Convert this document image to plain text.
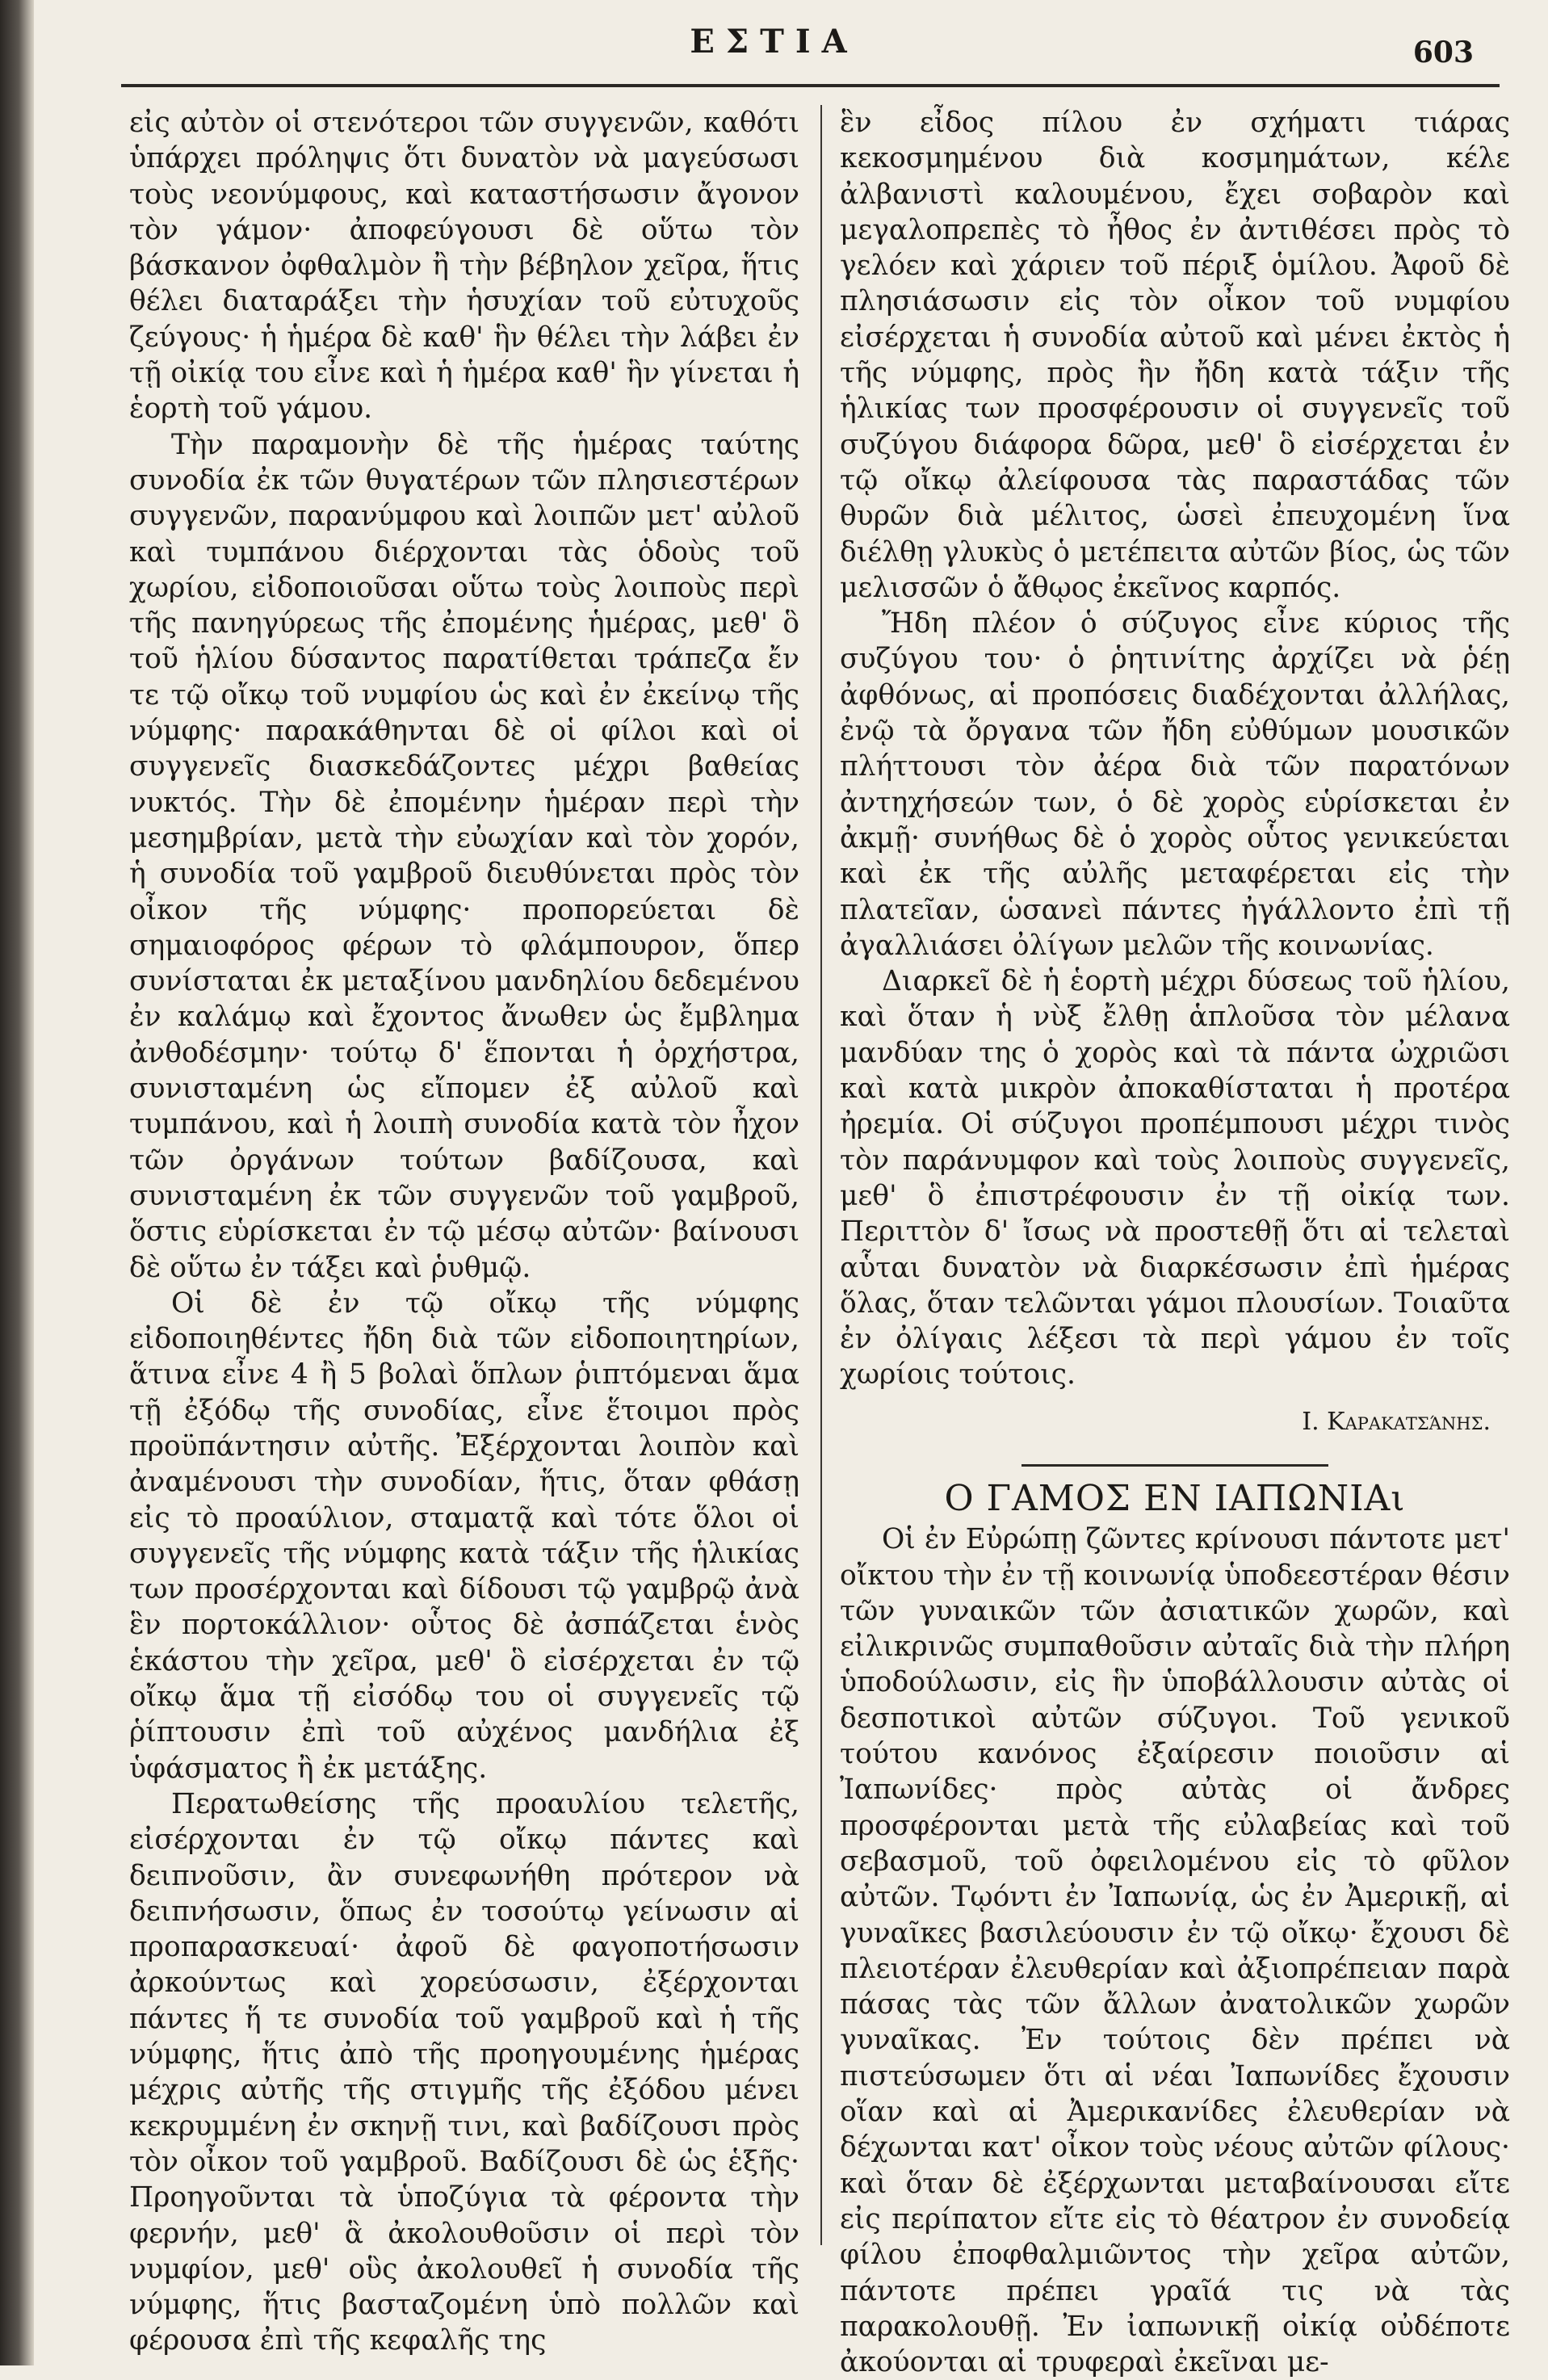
ΕΣΤΙΑ	603

εἰς αὐτὸν οἱ στενότεροι τῶν συγγενῶν, καθότι ὑπάρχει πρόληψις ὅτι δυνατὸν νὰ μαγεύσωσι τοὺς νεονύμφους, καὶ καταστήσωσιν ἄγονον τὸν γάμον· ἀποφεύγουσι δὲ οὕτω τὸν βάσκανον ὀφθαλμὸν ἢ τὴν βέβηλον χεῖρα, ἥτις θέλει διαταράξει τὴν ἡσυχίαν τοῦ εὐτυχοῦς ζεύγους· ἡ ἡμέρα δὲ καθ' ἣν θέλει τὴν λάβει ἐν τῇ οἰκίᾳ του εἶνε καὶ ἡ ἡμέρα καθ' ἣν γίνεται ἡ ἑορτὴ τοῦ γάμου.

Τὴν παραμονὴν δὲ τῆς ἡμέρας ταύτης συνοδία ἐκ τῶν θυγατέρων τῶν πλησιεστέρων συγγενῶν, παρανύμφου καὶ λοιπῶν μετ' αὐλοῦ καὶ τυμπάνου διέρχονται τὰς ὁδοὺς τοῦ χωρίου, εἰδοποιοῦσαι οὕτω τοὺς λοιποὺς περὶ τῆς πανηγύρεως τῆς ἐπομένης ἡμέρας, μεθ' ὃ τοῦ ἡλίου δύσαντος παρατίθεται τράπεζα ἔν τε τῷ οἴκῳ τοῦ νυμφίου ὡς καὶ ἐν ἐκείνῳ τῆς νύμφης· παρακάθηνται δὲ οἱ φίλοι καὶ οἱ συγγενεῖς διασκεδάζοντες μέχρι βαθείας νυκτός. Τὴν δὲ ἐπομένην ἡμέραν περὶ τὴν μεσημβρίαν, μετὰ τὴν εὐωχίαν καὶ τὸν χορόν, ἡ συνοδία τοῦ γαμβροῦ διευθύνεται πρὸς τὸν οἶκον τῆς νύμφης· προπορεύεται δὲ σημαιοφόρος φέρων τὸ φλάμπουρον, ὅπερ συνίσταται ἐκ μεταξίνου μανδηλίου δεδεμένου ἐν καλάμῳ καὶ ἔχοντος ἄνωθεν ὡς ἔμβλημα ἀνθοδέσμην· τούτῳ δ' ἕπονται ἡ ὀρχήστρα, συνισταμένη ὡς εἴπομεν ἐξ αὐλοῦ καὶ τυμπάνου, καὶ ἡ λοιπὴ συνοδία κατὰ τὸν ἦχον τῶν ὀργάνων τούτων βαδίζουσα, καὶ συνισταμένη ἐκ τῶν συγγενῶν τοῦ γαμβροῦ, ὅστις εὑρίσκεται ἐν τῷ μέσῳ αὐτῶν· βαίνουσι δὲ οὕτω ἐν τάξει καὶ ῥυθμῷ.

Οἱ δὲ ἐν τῷ οἴκῳ τῆς νύμφης εἰδοποιηθέντες ἤδη διὰ τῶν εἰδοποιητηρίων, ἅτινα εἶνε 4 ἢ 5 βολαὶ ὅπλων ῥιπτόμεναι ἅμα τῇ ἐξόδῳ τῆς συνοδίας, εἶνε ἕτοιμοι πρὸς προϋπάντησιν αὐτῆς. Ἐξέρχονται λοιπὸν καὶ ἀναμένουσι τὴν συνοδίαν, ἥτις, ὅταν φθάσῃ εἰς τὸ προαύλιον, σταματᾷ καὶ τότε ὅλοι οἱ συγγενεῖς τῆς νύμφης κατὰ τάξιν τῆς ἡλικίας των προσέρχονται καὶ δίδουσι τῷ γαμβρῷ ἀνὰ ἓν πορτοκάλλιον· οὗτος δὲ ἀσπάζεται ἑνὸς ἑκάστου τὴν χεῖρα, μεθ' ὃ εἰσέρχεται ἐν τῷ οἴκῳ ἅμα τῇ εἰσόδῳ του οἱ συγγενεῖς τῷ ῥίπτουσιν ἐπὶ τοῦ αὐχένος μανδήλια ἐξ ὑφάσματος ἢ ἐκ μετάξης.

Περατωθείσης τῆς προαυλίου τελετῆς, εἰσέρχονται ἐν τῷ οἴκῳ πάντες καὶ δειπνοῦσιν, ἂν συνεφωνήθη πρότερον νὰ δειπνήσωσιν, ὅπως ἐν τοσούτῳ γείνωσιν αἱ προπαρασκευαί· ἀφοῦ δὲ φαγοποτήσωσιν ἀρκούντως καὶ χορεύσωσιν, ἐξέρχονται πάντες ἥ τε συνοδία τοῦ γαμβροῦ καὶ ἡ τῆς νύμφης, ἥτις ἀπὸ τῆς προηγουμένης ἡμέρας μέχρις αὐτῆς τῆς στιγμῆς τῆς ἐξόδου μένει κεκρυμμένη ἐν σκηνῇ τινι, καὶ βαδίζουσι πρὸς τὸν οἶκον τοῦ γαμβροῦ. Βαδίζουσι δὲ ὡς ἑξῆς· Προηγοῦνται τὰ ὑποζύγια τὰ φέροντα τὴν φερνήν, μεθ' ἃ ἀκολουθοῦσιν οἱ περὶ τὸν νυμφίον, μεθ' οὓς ἀκολουθεῖ ἡ συνοδία τῆς νύμφης, ἥτις βασταζομένη ὑπὸ πολλῶν καὶ φέρουσα ἐπὶ τῆς κεφαλῆς της

ἓν εἶδος πίλου ἐν σχήματι τιάρας κεκοσμημένου διὰ κοσμημάτων, κέλε ἀλβανιστὶ καλουμένου, ἔχει σοβαρὸν καὶ μεγαλοπρεπὲς τὸ ἦθος ἐν ἀντιθέσει πρὸς τὸ γελόεν καὶ χάριεν τοῦ πέριξ ὁμίλου. Ἀφοῦ δὲ πλησιάσωσιν εἰς τὸν οἶκον τοῦ νυμφίου εἰσέρχεται ἡ συνοδία αὐτοῦ καὶ μένει ἐκτὸς ἡ τῆς νύμφης, πρὸς ἣν ἤδη κατὰ τάξιν τῆς ἡλικίας των προσφέρουσιν οἱ συγγενεῖς τοῦ συζύγου διάφορα δῶρα, μεθ' ὃ εἰσέρχεται ἐν τῷ οἴκῳ ἀλείφουσα τὰς παραστάδας τῶν θυρῶν διὰ μέλιτος, ὡσεὶ ἐπευχομένη ἵνα διέλθῃ γλυκὺς ὁ μετέπειτα αὐτῶν βίος, ὡς τῶν μελισσῶν ὁ ἄθῳος ἐκεῖνος καρπός.

Ἤδη πλέον ὁ σύζυγος εἶνε κύριος τῆς συζύγου του· ὁ ῥητινίτης ἀρχίζει νὰ ῥέῃ ἀφθόνως, αἱ προπόσεις διαδέχονται ἀλλήλας, ἐνῷ τὰ ὄργανα τῶν ἤδη εὐθύμων μουσικῶν πλήττουσι τὸν ἀέρα διὰ τῶν παρατόνων ἀντηχήσεών των, ὁ δὲ χορὸς εὑρίσκεται ἐν ἀκμῇ· συνήθως δὲ ὁ χορὸς οὗτος γενικεύεται καὶ ἐκ τῆς αὐλῆς μεταφέρεται εἰς τὴν πλατεῖαν, ὡσανεὶ πάντες ἠγάλλοντο ἐπὶ τῇ ἀγαλλιάσει ὀλίγων μελῶν τῆς κοινωνίας.

Διαρκεῖ δὲ ἡ ἑορτὴ μέχρι δύσεως τοῦ ἡλίου, καὶ ὅταν ἡ νὺξ ἔλθῃ ἁπλοῦσα τὸν μέλανα μανδύαν της ὁ χορὸς καὶ τὰ πάντα ὠχριῶσι καὶ κατὰ μικρὸν ἀποκαθίσταται ἡ προτέρα ἠρεμία. Οἱ σύζυγοι προπέμπουσι μέχρι τινὸς τὸν παράνυμφον καὶ τοὺς λοιποὺς συγγενεῖς, μεθ' ὃ ἐπιστρέφουσιν ἐν τῇ οἰκίᾳ των. Περιττὸν δ' ἴσως νὰ προστεθῇ ὅτι αἱ τελεταὶ αὗται δυνατὸν νὰ διαρκέσωσιν ἐπὶ ἡμέρας ὅλας, ὅταν τελῶνται γάμοι πλουσίων. Τοιαῦτα ἐν ὀλίγαις λέξεσι τὰ περὶ γάμου ἐν τοῖς χωρίοις τούτοις.

Ι. Καρακατσάνης.
Ο ΓΑΜΟΣ ΕΝ ΙΑΠΩΝΙΑι

Οἱ ἐν Εὐρώπῃ ζῶντες κρίνουσι πάντοτε μετ' οἴκτου τὴν ἐν τῇ κοινωνίᾳ ὑποδεεστέραν θέσιν τῶν γυναικῶν τῶν ἀσιατικῶν χωρῶν, καὶ εἰλικρινῶς συμπαθοῦσιν αὐταῖς διὰ τὴν πλήρη ὑποδούλωσιν, εἰς ἣν ὑποβάλλουσιν αὐτὰς οἱ δεσποτικοὶ αὐτῶν σύζυγοι. Τοῦ γενικοῦ τούτου κανόνος ἐξαίρεσιν ποιοῦσιν αἱ Ἰαπωνίδες· πρὸς αὐτὰς οἱ ἄνδρες προσφέρονται μετὰ τῆς εὐλαβείας καὶ τοῦ σεβασμοῦ, τοῦ ὀφειλομένου εἰς τὸ φῦλον αὐτῶν. Τῳόντι ἐν Ἰαπωνίᾳ, ὡς ἐν Ἀμερικῇ, αἱ γυναῖκες βασιλεύουσιν ἐν τῷ οἴκῳ· ἔχουσι δὲ πλειοτέραν ἐλευθερίαν καὶ ἀξιοπρέπειαν παρὰ πάσας τὰς τῶν ἄλλων ἀνατολικῶν χωρῶν γυναῖκας. Ἐν τούτοις δὲν πρέπει νὰ πιστεύσωμεν ὅτι αἱ νέαι Ἰαπωνίδες ἔχουσιν οἵαν καὶ αἱ Ἀμερικανίδες ἐλευθερίαν νὰ δέχωνται κατ' οἶκον τοὺς νέους αὐτῶν φίλους· καὶ ὅταν δὲ ἐξέρχωνται μεταβαίνουσαι εἴτε εἰς περίπατον εἴτε εἰς τὸ θέατρον ἐν συνοδείᾳ φίλου ἐποφθαλμιῶντος τὴν χεῖρα αὐτῶν, πάντοτε πρέπει γραῖά τις νὰ τὰς παρακολουθῇ. Ἐν ἰαπωνικῇ οἰκίᾳ οὐδέποτε ἀκούονται αἱ τρυφεραὶ ἐκεῖναι με-
